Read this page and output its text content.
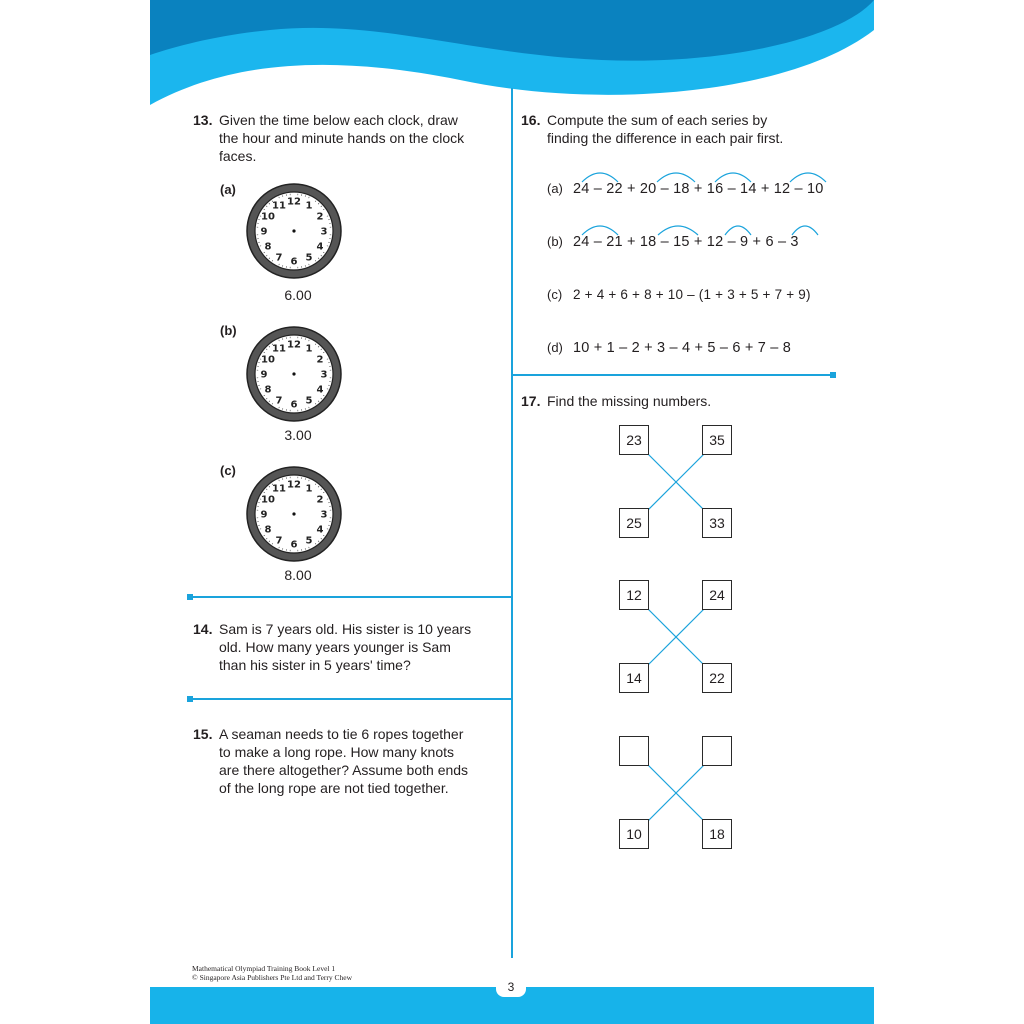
13. Given the time below each clock, draw
the hour and minute hands on the clock
faces.
(a)
12 1
2
3
4
5
6
7
8
9
10
11
6.00
(b)
12 1
2
3
4
5
6
7
8
9
10
11
3.00
(c)
12 1
2
3
4
5
6
7
8
9
10
11
8.00
14. Sam is 7 years old. His sister is 10 years
old. How many years younger is Sam
than his sister in 5 years' time?
15. A seaman needs to tie 6 ropes together
to make a long rope. How many knots
are there altogether? Assume both ends
of the long rope are not tied together.
16. Compute the sum of each series by
finding the difference in each pair first.
(a) 24 – 22 + 20 – 18 + 16 – 14 + 12 – 10
(b) 24 – 21 + 18 – 15 + 12 – 9 + 6 – 3
(c) 2 + 4 + 6 + 8 + 10 – (1 + 3 + 5 + 7 + 9)
(d) 10 + 1 – 2 + 3 – 4 + 5 – 6 + 7 – 8
17. Find the missing numbers.
23	35
25	33
12	24
14	22
10	18
Mathematical Olympiad Training Book Level 1
© Singapore Asia Publishers Pte Ltd and Terry Chew
3
